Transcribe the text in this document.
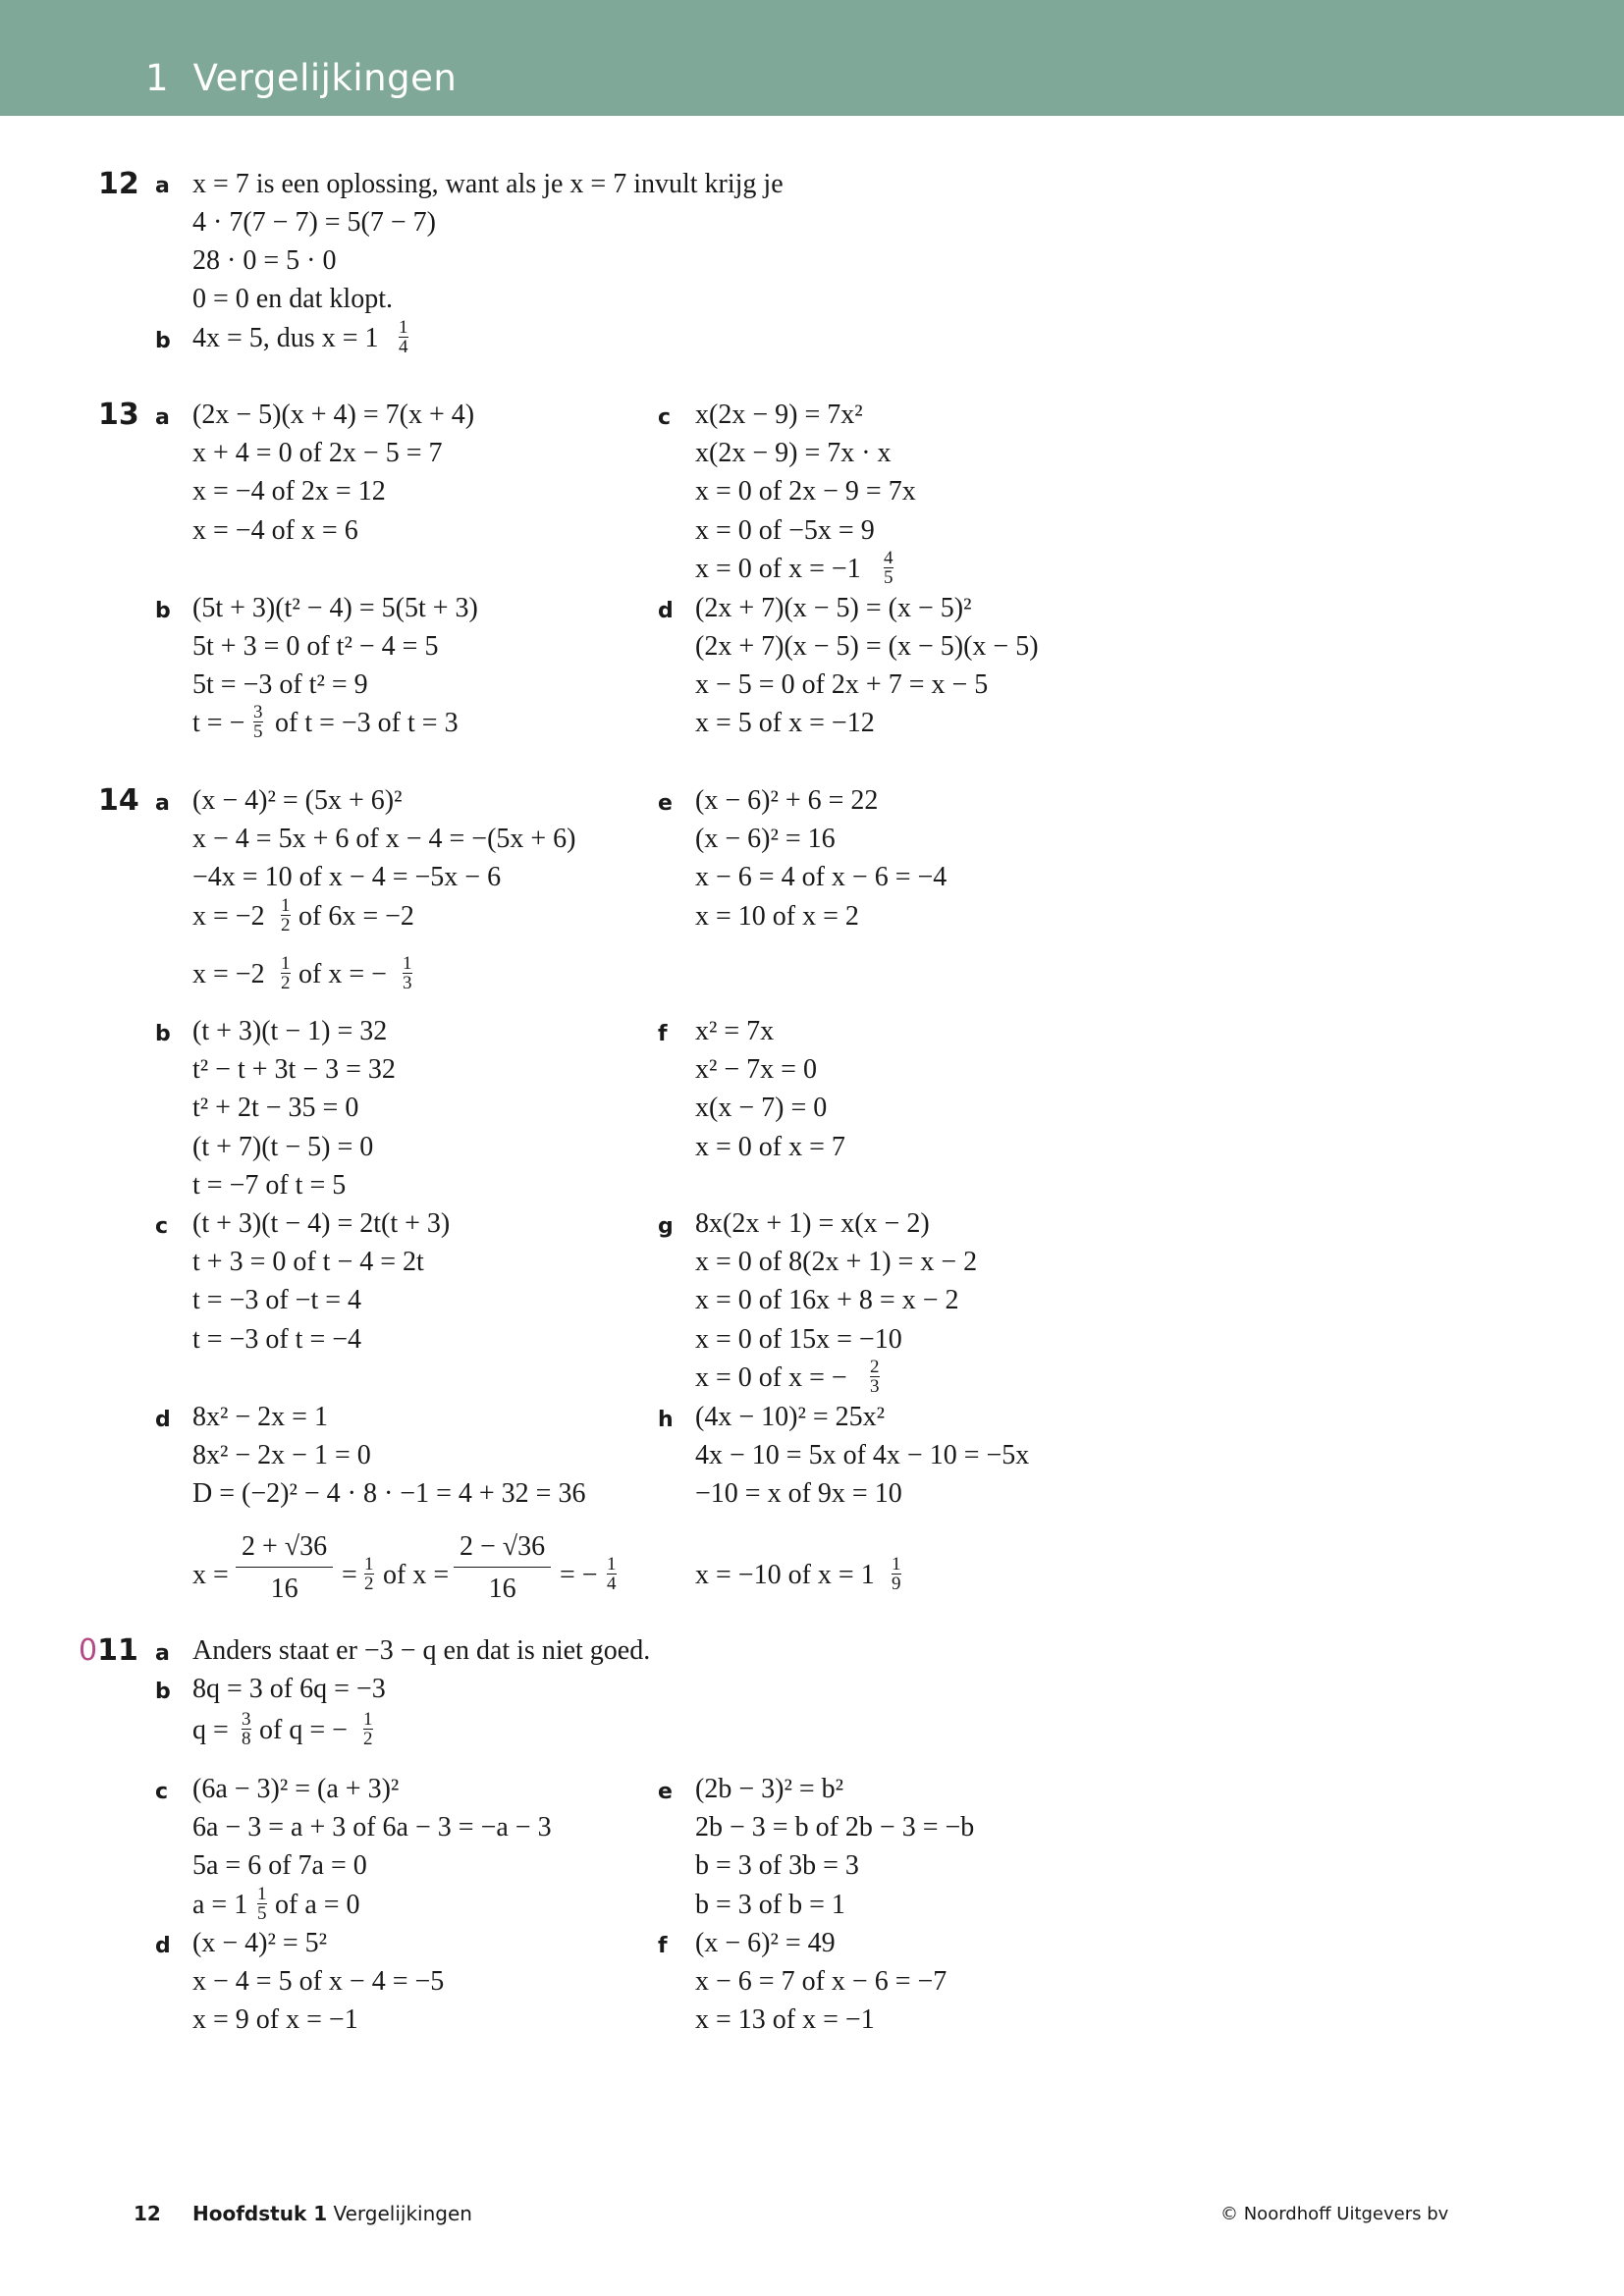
1 Vergelijkingen
12 a x = 7 is een oplossing, want als je x = 7 invult krijg je
4 · 7(7 − 7) = 5(7 − 7)
28 · 0 = 5 · 0
0 = 0 en dat klopt.
b 4x = 5, dus $x = 1 \frac{1}{4}$
13 a (2x − 5)(x + 4) = 7(x + 4)
x + 4 = 0 of 2x − 5 = 7
x = −4 of 2x = 12
x = −4 of x = 6
b (5t + 3)(t² − 4) = 5(5t + 3)
5t + 3 = 0 of t² − 4 = 5
5t = −3 of t² = 9
t = − $\frac{3}{5}$ of t = −3 of t = 3
c x(2x − 9) = 7x²
x(2x − 9) = 7x · x
x = 0 of 2x − 9 = 7x
x = 0 of −5x = 9
x = 0 of $x = -1 \frac{4}{5}$
d (2x + 7)(x − 5) = (x − 5)²
(2x + 7)(x − 5) = (x − 5)(x − 5)
x − 5 = 0 of 2x + 7 = x − 5
x = 5 of x = −12
14 a (x − 4)² = (5x + 6)²
x − 4 = 5x + 6 of x − 4 = −(5x + 6)
−4x = 10 of x − 4 = −5x − 6
$x = -2 \frac{1}{2}$ of 6x = −2
$x = -2 \frac{1}{2}$ of x = − $\frac{1}{3}$
b (t + 3)(t − 1) = 32
t² − t + 3t − 3 = 32
t² + 2t − 35 = 0
(t + 7)(t − 5) = 0
t = −7 of t = 5
c (t + 3)(t − 4) = 2t(t + 3)
t + 3 = 0 of t − 4 = 2t
t = −3 of −t = 4
t = −3 of t = −4
d 8x² − 2x = 1
8x² − 2x − 1 = 0
D = (−2)² − 4 · 8 · −1 = 4 + 32 = 36
$x = \frac{2 + √36}{16} = \frac{1}{2}$ of $x = \frac{2 - √36}{16}$ = − $\frac{1}{4}$
e (x − 6)² + 6 = 22
(x − 6)² = 16
x − 6 = 4 of x − 6 = −4
x = 10 of x = 2
f x² = 7x
x² − 7x = 0
x(x − 7) = 0
x = 0 of x = 7
g 8x(2x + 1) = x(x − 2)
x = 0 of 8(2x + 1) = x − 2
x = 0 of 16x + 8 = x − 2
x = 0 of 15x = −10
x = 0 of x = − $\frac{2}{3}$
h (4x − 10)² = 25x²
4x − 10 = 5x of 4x − 10 = −5x
−10 = x of 9x = 10
x = −10 of $x = 1 \frac{1}{9}$
011 a Anders staat er −3 − q en dat is niet goed.
b 8q = 3 of 6q = −3
$q = \frac{3}{8}$ of q = − $\frac{1}{2}$
c (6a − 3)² = (a + 3)²
6a − 3 = a + 3 of 6a − 3 = −a − 3
5a = 6 of 7a = 0
$a = 1 \frac{1}{5}$ of a = 0
d (x − 4)² = 5²
x − 4 = 5 of x − 4 = −5
x = 9 of x = −1
e (2b − 3)² = b²
2b − 3 = b of 2b − 3 = −b
b = 3 of 3b = 3
b = 3 of b = 1
f (x − 6)² = 49
x − 6 = 7 of x − 6 = −7
x = 13 of x = −1
12 Hoofdstuk 1 Vergelijkingen	© Noordhoff Uitgevers bv
